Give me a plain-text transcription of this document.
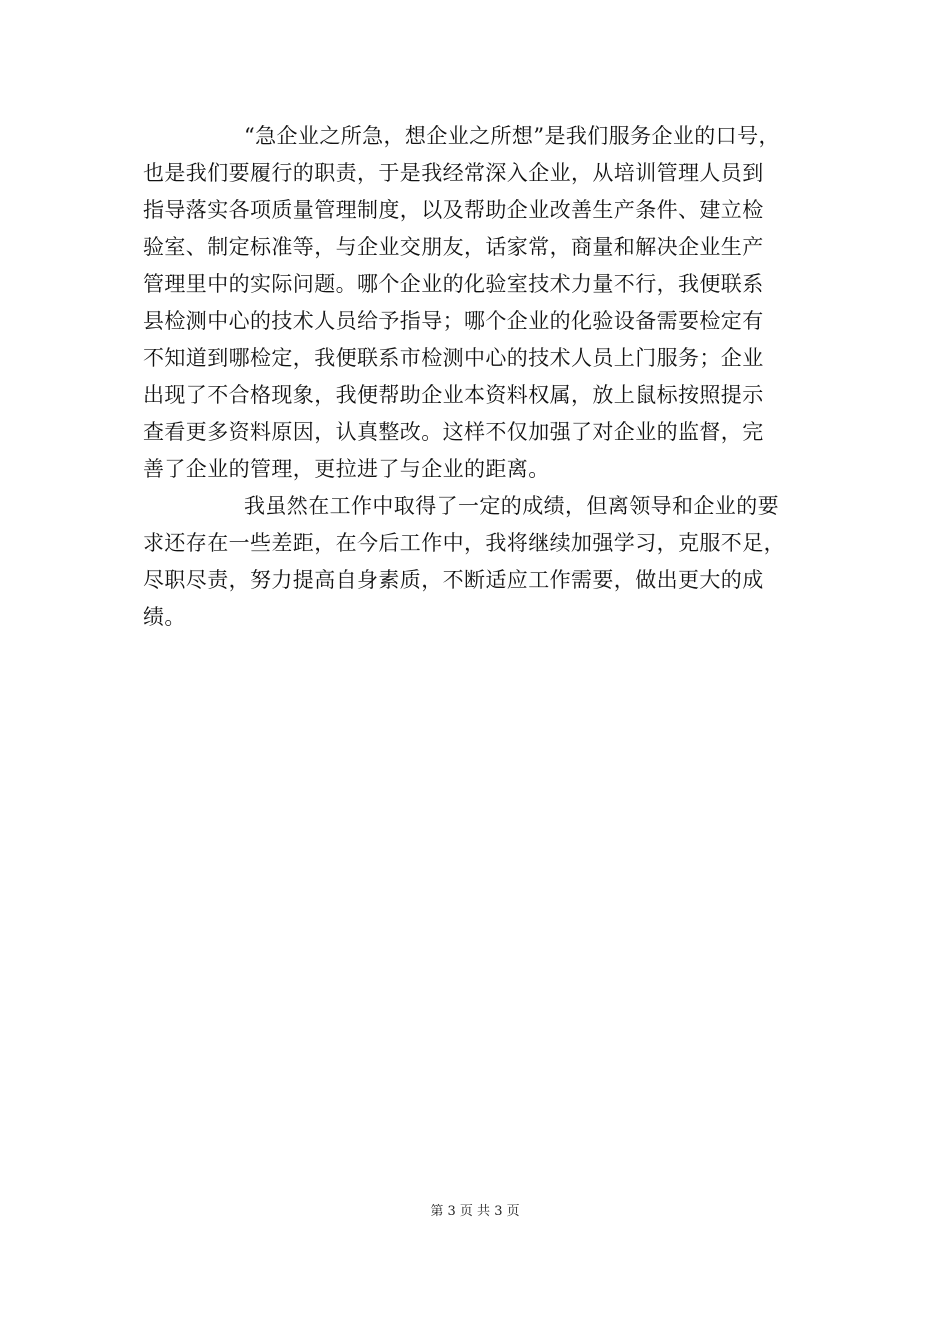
“急企业之所急，想企业之所想”是我们服务企业的口号，
也是我们要履行的职责，于是我经常深入企业，从培训管理人员到
指导落实各项质量管理制度，以及帮助企业改善生产条件、建立检
验室、制定标准等，与企业交朋友，话家常，商量和解决企业生产
管理里中的实际问题。哪个企业的化验室技术力量不行，我便联系
县检测中心的技术人员给予指导；哪个企业的化验设备需要检定有
不知道到哪检定，我便联系市检测中心的技术人员上门服务；企业
出现了不合格现象，我便帮助企业本资料权属，放上鼠标按照提示
查看更多资料原因，认真整改。这样不仅加强了对企业的监督，完
善了企业的管理，更拉进了与企业的距离。
我虽然在工作中取得了一定的成绩，但离领导和企业的要
求还存在一些差距，在今后工作中，我将继续加强学习，克服不足，
尽职尽责，努力提高自身素质，不断适应工作需要，做出更大的成
绩。
第 3 页 共 3 页
